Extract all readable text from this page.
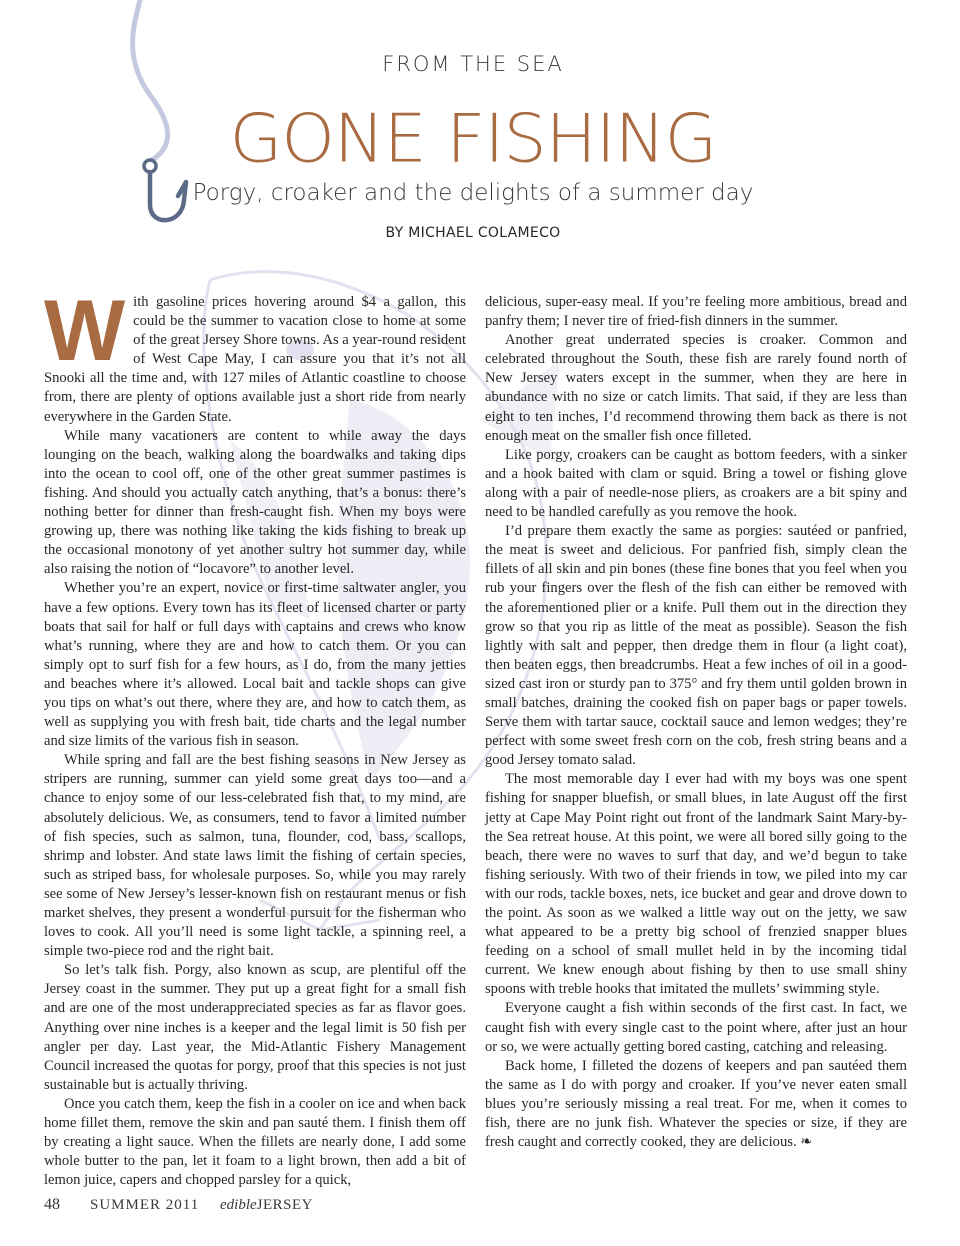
FROM THE SEA
GONE FISHING
Porgy, croaker and the delights of a summer day
BY MICHAEL COLAMECO

With gasoline prices hovering around $4 a gallon, this could be the summer to vacation close to home at some of the great Jersey Shore towns. As a year-round resident of West Cape May, I can assure you that it’s not all Snooki all the time and, with 127 miles of Atlantic coastline to choose from, there are plenty of options available just a short ride from nearly everywhere in the Garden State.

While many vacationers are content to while away the days lounging on the beach, walking along the boardwalks and taking dips into the ocean to cool off, one of the other great summer pastimes is fishing. And should you actually catch anything, that’s a bonus: there’s nothing better for dinner than fresh-caught fish. When my boys were growing up, there was nothing like taking the kids fishing to break up the occasional monotony of yet another sultry hot summer day, while also raising the notion of “locavore” to another level.

Whether you’re an expert, novice or first-time saltwater angler, you have a few options. Every town has its fleet of licensed charter or party boats that sail for half or full days with captains and crews who know what’s running, where they are and how to catch them. Or you can simply opt to surf fish for a few hours, as I do, from the many jetties and beaches where it’s allowed. Local bait and tackle shops can give you tips on what’s out there, where they are, and how to catch them, as well as supplying you with fresh bait, tide charts and the legal number and size limits of the various fish in season.

While spring and fall are the best fishing seasons in New Jersey as stripers are running, summer can yield some great days too—and a chance to enjoy some of our less-celebrated fish that, to my mind, are absolutely delicious. We, as consumers, tend to favor a limited number of fish species, such as salmon, tuna, flounder, cod, bass, scallops, shrimp and lobster. And state laws limit the fishing of certain species, such as striped bass, for wholesale purposes. So, while you may rarely see some of New Jersey’s lesser-known fish on restaurant menus or fish market shelves, they present a wonderful pursuit for the fisherman who loves to cook. All you’ll need is some light tackle, a spinning reel, a simple two-piece rod and the right bait.

So let’s talk fish. Porgy, also known as scup, are plentiful off the Jersey coast in the summer. They put up a great fight for a small fish and are one of the most underappreciated species as far as flavor goes. Anything over nine inches is a keeper and the legal limit is 50 fish per angler per day. Last year, the Mid-Atlantic Fishery Management Council increased the quotas for porgy, proof that this species is not just sustainable but is actually thriving.

Once you catch them, keep the fish in a cooler on ice and when back home fillet them, remove the skin and pan sauté them. I finish them off by creating a light sauce. When the fillets are nearly done, I add some whole butter to the pan, let it foam to a light brown, then add a bit of lemon juice, capers and chopped parsley for a quick,

delicious, super-easy meal. If you’re feeling more ambitious, bread and panfry them; I never tire of fried-fish dinners in the summer.

Another great underrated species is croaker. Common and celebrated throughout the South, these fish are rarely found north of New Jersey waters except in the summer, when they are here in abundance with no size or catch limits. That said, if they are less than eight to ten inches, I’d recommend throwing them back as there is not enough meat on the smaller fish once filleted.

Like porgy, croakers can be caught as bottom feeders, with a sinker and a hook baited with clam or squid. Bring a towel or fishing glove along with a pair of needle-nose pliers, as croakers are a bit spiny and need to be handled carefully as you remove the hook.

I’d prepare them exactly the same as porgies: sautéed or panfried, the meat is sweet and delicious. For panfried fish, simply clean the fillets of all skin and pin bones (these fine bones that you feel when you rub your fingers over the flesh of the fish can either be removed with the aforementioned plier or a knife. Pull them out in the direction they grow so that you rip as little of the meat as possible). Season the fish lightly with salt and pepper, then dredge them in flour (a light coat), then beaten eggs, then breadcrumbs. Heat a few inches of oil in a good-sized cast iron or sturdy pan to 375° and fry them until golden brown in small batches, draining the cooked fish on paper bags or paper towels. Serve them with tartar sauce, cocktail sauce and lemon wedges; they’re perfect with some sweet fresh corn on the cob, fresh string beans and a good Jersey tomato salad.

The most memorable day I ever had with my boys was one spent fishing for snapper bluefish, or small blues, in late August off the first jetty at Cape May Point right out front of the landmark Saint Mary-by-the Sea retreat house. At this point, we were all bored silly going to the beach, there were no waves to surf that day, and we’d begun to take fishing seriously. With two of their friends in tow, we piled into my car with our rods, tackle boxes, nets, ice bucket and gear and drove down to the point. As soon as we walked a little way out on the jetty, we saw what appeared to be a pretty big school of frenzied snapper blues feeding on a school of small mullet held in by the incoming tidal current. We knew enough about fishing by then to use small shiny spoons with treble hooks that imitated the mullets’ swimming style.

Everyone caught a fish within seconds of the first cast. In fact, we caught fish with every single cast to the point where, after just an hour or so, we were actually getting bored casting, catching and releasing.

Back home, I filleted the dozens of keepers and pan sautéed them the same as I do with porgy and croaker. If you’ve never eaten small blues you’re seriously missing a real treat. For me, when it comes to fish, there are no junk fish. Whatever the species or size, if they are fresh caught and correctly cooked, they are delicious. ❧

48	SUMMER 2011	edibleJERSEY
